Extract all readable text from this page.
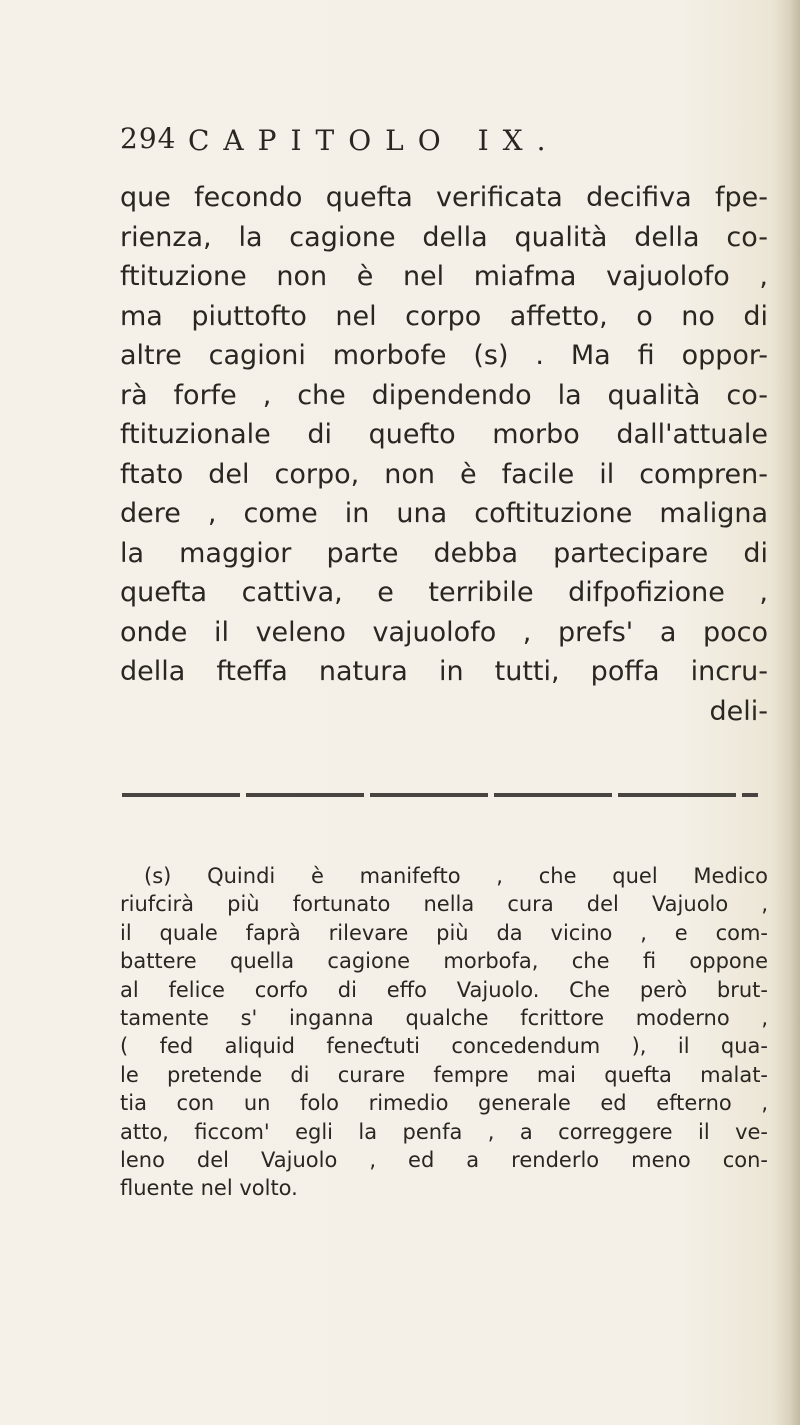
294 CAPITOLO IX.
que fecondo quefta verificata decifiva fpe-
rienza, la cagione della qualità della co-
ftituzione non è nel miafma vajuolofo ,
ma piuttofto nel corpo affetto, o no di
altre cagioni morbofe (s) . Ma fi oppor-
rà forfe , che dipendendo la qualità co-
ftituzionale di quefto morbo dall'attuale
ftato del corpo, non è facile il compren-
dere , come in una coftituzione maligna
la maggior parte debba partecipare di
quefta cattiva, e terribile difpofizione ,
onde il veleno vajuolofo , prefs' a poco
della fteffa natura in tutti, poffa incru-
deli-
(s) Quindi è manifefto , che quel Medico
riufcirà più fortunato nella cura del Vajuolo ,
il quale faprà rilevare più da vicino , e com-
battere quella cagione morbofa, che fi oppone
al felice corfo di effo Vajuolo. Che però brut-
tamente s' inganna qualche fcrittore moderno ,
( fed aliquid feneƈtuti concedendum ), il qua-
le pretende di curare fempre mai quefta malat-
tia con un folo rimedio generale ed efterno ,
atto, ficcom' egli la penfa , a correggere il ve-
leno del Vajuolo , ed a renderlo meno con-
fluente nel volto.
